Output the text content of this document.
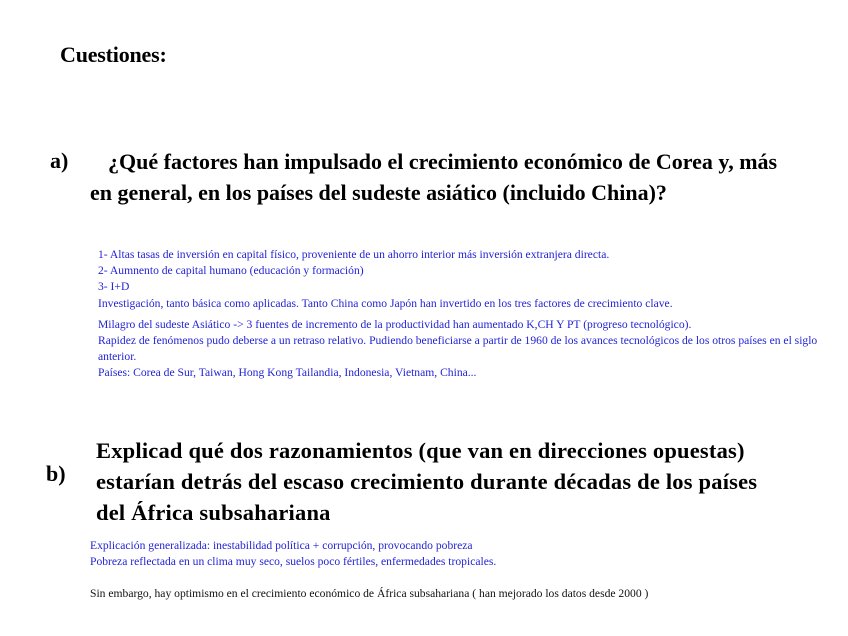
Cuestiones:
a)	¿Qué factores han impulsado el crecimiento económico de Corea y, más en general, en los países del sudeste asiático (incluido China)?
1- Altas tasas de inversión en capital físico, proveniente de un ahorro interior más inversión extranjera directa.
2- Aumnento de capital humano (educación y formación)
3- I+D
Investigación, tanto básica como aplicadas. Tanto China como Japón han invertido en los tres factores de crecimiento clave.
Milagro del sudeste Asiático -> 3 fuentes de incremento de la productividad han aumentado K,CH Y PT (progreso tecnológico).
Rapidez de fenómenos pudo deberse a un retraso relativo. Pudiendo beneficiarse a partir de 1960 de los avances tecnológicos de los otros países en el siglo anterior.
Países: Corea de Sur, Taiwan, Hong Kong Tailandia, Indonesia, Vietnam, China...
b)
Explicad qué dos razonamientos (que van en direcciones opuestas) estarían detrás del escaso crecimiento durante décadas de los países del África subsahariana
Explicación generalizada: inestabilidad política + corrupción, provocando pobreza
Pobreza reflectada en un clima muy seco, suelos poco fértiles, enfermedades tropicales.
Sin embargo, hay optimismo en el crecimiento económico de África subsahariana ( han mejorado los datos desde 2000 )
